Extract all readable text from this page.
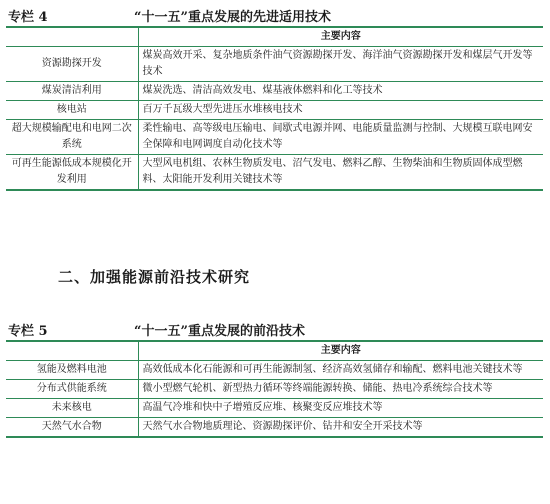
专栏 4	“十一五”重点发展的先进适用技术
	主要内容
资源勘探开发	煤炭高效开采、复杂地质条件油气资源勘探开发、海洋油气资源勘探开发和煤层气开发等技术
煤炭清洁利用	煤炭洗选、清洁高效发电、煤基液体燃料和化工等技术
核电站	百万千瓦级大型先进压水堆核电技术
超大规模输配电和电网二次系统	柔性输电、高等级电压输电、间歇式电源并网、电能质量监测与控制、大规模互联电网安全保障和电网调度自动化技术等
可再生能源低成本规模化开发利用	大型风电机组、农林生物质发电、沼气发电、燃料乙醇、生物柴油和生物质固体成型燃料、太阳能开发利用关键技术等
二、加强能源前沿技术研究
专栏 5	“十一五”重点发展的前沿技术
	主要内容
氢能及燃料电池	高效低成本化石能源和可再生能源制氢、经济高效氢储存和输配、燃料电池关键技术等
分布式供能系统	微小型燃气轮机、新型热力循环等终端能源转换、储能、热电冷系统综合技术等
未来核电	高温气冷堆和快中子增殖反应堆、核聚变反应堆技术等
天然气水合物	天然气水合物地质理论、资源勘探评价、钻井和安全开采技术等
